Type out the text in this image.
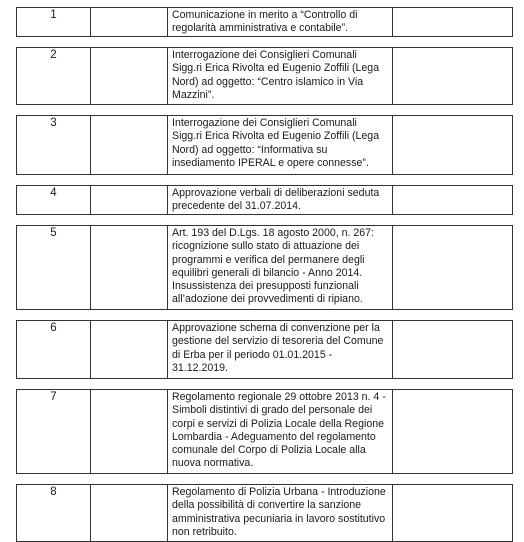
1	Comunicazione in merito a “Controllo di regolarità amministrativa e contabile”.
2	Interrogazione dei Consiglieri Comunali Sigg.ri Erica Rivolta ed Eugenio Zoffili (Lega Nord) ad oggetto: “Centro islamico in Via Mazzini”.
3	Interrogazione dei Consiglieri Comunali Sigg.ri Erica Rivolta ed Eugenio Zoffili (Lega Nord) ad oggetto: “Informativa su insediamento IPERAL e opere connesse”.
4	Approvazione verbali di deliberazioni seduta precedente del 31.07.2014.
5	Art. 193 del D.Lgs. 18 agosto 2000, n. 267: ricognizione sullo stato di attuazione dei programmi e verifica del permanere degli equilibri generali di bilancio - Anno 2014. Insussistenza dei presupposti funzionali all’adozione dei provvedimenti di ripiano.
6	Approvazione schema di convenzione per la gestione del servizio di tesoreria del Comune di Erba per il periodo 01.01.2015 - 31.12.2019.
7	Regolamento regionale 29 ottobre 2013 n. 4 - Simboli distintivi di grado del personale dei corpi e servizi di Polizia Locale della Regione Lombardia - Adeguamento del regolamento comunale del Corpo di Polizia Locale alla nuova normativa.
8	Regolamento di Polizia Urbana - Introduzione della possibilità di convertire la sanzione amministrativa pecuniaria in lavoro sostitutivo non retribuito.
